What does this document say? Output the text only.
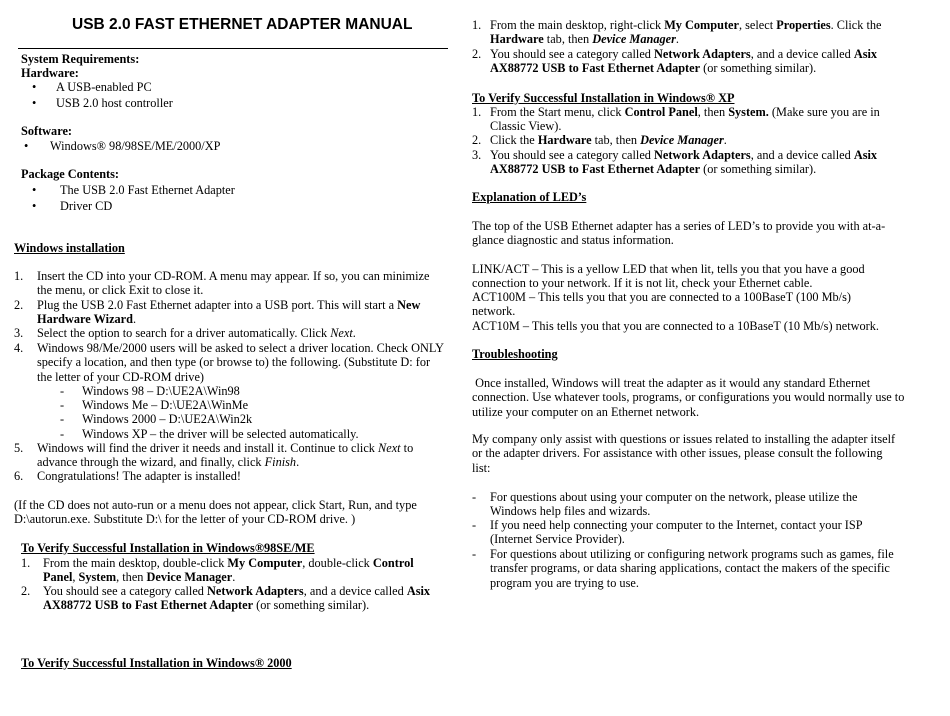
USB 2.0 FAST ETHERNET ADAPTER MANUAL
System Requirements:
Hardware:
• A USB-enabled PC
• USB 2.0 host controller
Software:
• Windows® 98/98SE/ME/2000/XP
Package Contents:
• The USB 2.0 Fast Ethernet Adapter
• Driver CD
Windows installation
1. Insert the CD into your CD-ROM. A menu may appear. If so, you can minimize the menu, or click Exit to close it.
2. Plug the USB 2.0 Fast Ethernet adapter into a USB port. This will start a New Hardware Wizard.
3. Select the option to search for a driver automatically. Click Next.
4. Windows 98/Me/2000 users will be asked to select a driver location. Check ONLY specify a location, and then type (or browse to) the following. (Substitute D: for the letter of your CD-ROM drive)
- Windows 98 – D:\UE2A\Win98
- Windows Me – D:\UE2A\WinMe
- Windows 2000 – D:\UE2A\Win2k
- Windows XP – the driver will be selected automatically.
5. Windows will find the driver it needs and install it. Continue to click Next to advance through the wizard, and finally, click Finish.
6. Congratulations! The adapter is installed!
(If the CD does not auto-run or a menu does not appear, click Start, Run, and type D:\autorun.exe. Substitute D:\ for the letter of your CD-ROM drive. )
To Verify Successful Installation in Windows®98SE/ME
1. From the main desktop, double-click My Computer, double-click Control Panel, System, then Device Manager.
2. You should see a category called Network Adapters, and a device called Asix AX88772 USB to Fast Ethernet Adapter (or something similar).
To Verify Successful Installation in Windows® 2000
1. From the main desktop, right-click My Computer, select Properties. Click the Hardware tab, then Device Manager.
2. You should see a category called Network Adapters, and a device called Asix AX88772 USB to Fast Ethernet Adapter (or something similar).
To Verify Successful Installation in Windows® XP
1. From the Start menu, click Control Panel, then System. (Make sure you are in Classic View).
2. Click the Hardware tab, then Device Manager.
3. You should see a category called Network Adapters, and a device called Asix AX88772 USB to Fast Ethernet Adapter (or something similar).
Explanation of LED’s
The top of the USB Ethernet adapter has a series of LED’s to provide you with at-a-glance diagnostic and status information.
LINK/ACT – This is a yellow LED that when lit, tells you that you have a good connection to your network. If it is not lit, check your Ethernet cable.
ACT100M – This tells you that you are connected to a 100BaseT (100 Mb/s) network.
ACT10M – This tells you that you are connected to a 10BaseT (10 Mb/s) network.
Troubleshooting
Once installed, Windows will treat the adapter as it would any standard Ethernet connection. Use whatever tools, programs, or configurations you would normally use to utilize your computer on an Ethernet network.
My company only assist with questions or issues related to installing the adapter itself or the adapter drivers. For assistance with other issues, please consult the following list:
- For questions about using your computer on the network, please utilize the Windows help files and wizards.
- If you need help connecting your computer to the Internet, contact your ISP (Internet Service Provider).
- For questions about utilizing or configuring network programs such as games, file transfer programs, or data sharing applications, contact the makers of the specific program you are trying to use.
